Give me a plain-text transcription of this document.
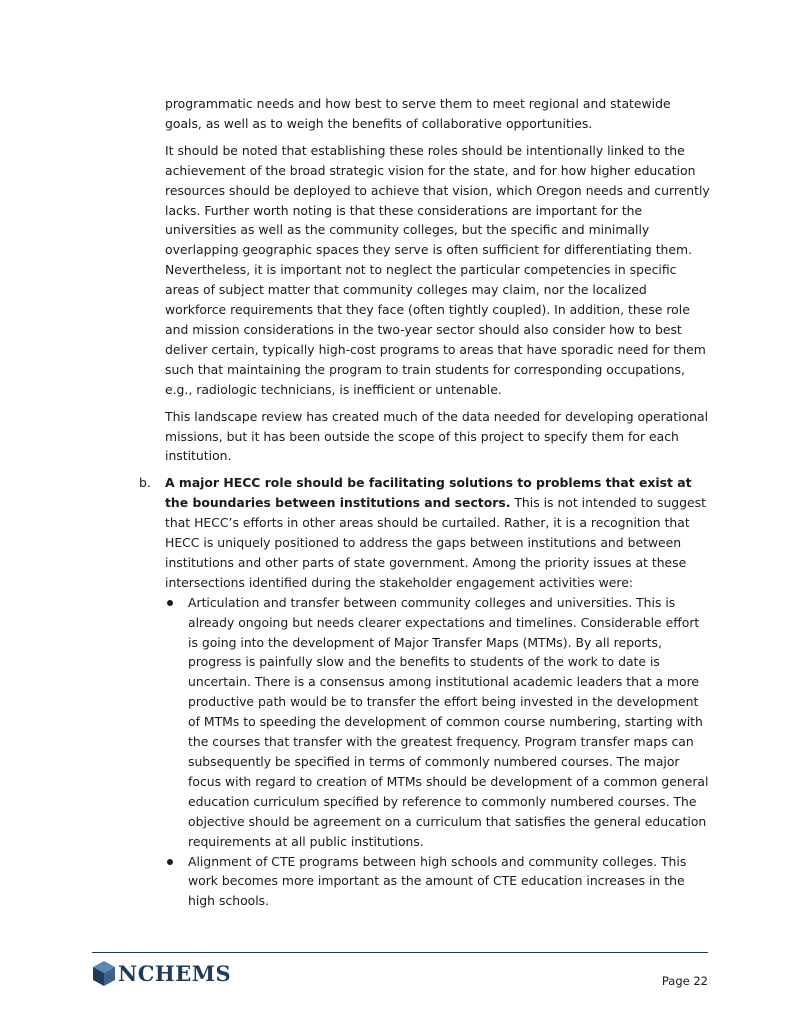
programmatic needs and how best to serve them to meet regional and statewide goals, as well as to weigh the benefits of collaborative opportunities.

It should be noted that establishing these roles should be intentionally linked to the achievement of the broad strategic vision for the state, and for how higher education resources should be deployed to achieve that vision, which Oregon needs and currently lacks. Further worth noting is that these considerations are important for the universities as well as the community colleges, but the specific and minimally overlapping geographic spaces they serve is often sufficient for differentiating them. Nevertheless, it is important not to neglect the particular competencies in specific areas of subject matter that community colleges may claim, nor the localized workforce requirements that they face (often tightly coupled). In addition, these role and mission considerations in the two-year sector should also consider how to best deliver certain, typically high-cost programs to areas that have sporadic need for them such that maintaining the program to train students for corresponding occupations, e.g., radiologic technicians, is inefficient or untenable.

This landscape review has created much of the data needed for developing operational missions, but it has been outside the scope of this project to specify them for each institution.

b. A major HECC role should be facilitating solutions to problems that exist at the boundaries between institutions and sectors. This is not intended to suggest that HECC’s efforts in other areas should be curtailed. Rather, it is a recognition that HECC is uniquely positioned to address the gaps between institutions and between institutions and other parts of state government. Among the priority issues at these intersections identified during the stakeholder engagement activities were:

Articulation and transfer between community colleges and universities. This is already ongoing but needs clearer expectations and timelines. Considerable effort is going into the development of Major Transfer Maps (MTMs). By all reports, progress is painfully slow and the benefits to students of the work to date is uncertain. There is a consensus among institutional academic leaders that a more productive path would be to transfer the effort being invested in the development of MTMs to speeding the development of common course numbering, starting with the courses that transfer with the greatest frequency. Program transfer maps can subsequently be specified in terms of commonly numbered courses. The major focus with regard to creation of MTMs should be development of a common general education curriculum specified by reference to commonly numbered courses. The objective should be agreement on a curriculum that satisfies the general education requirements at all public institutions.
Alignment of CTE programs between high schools and community colleges. This work becomes more important as the amount of CTE education increases in the high schools.
NCHEMS	Page 22
